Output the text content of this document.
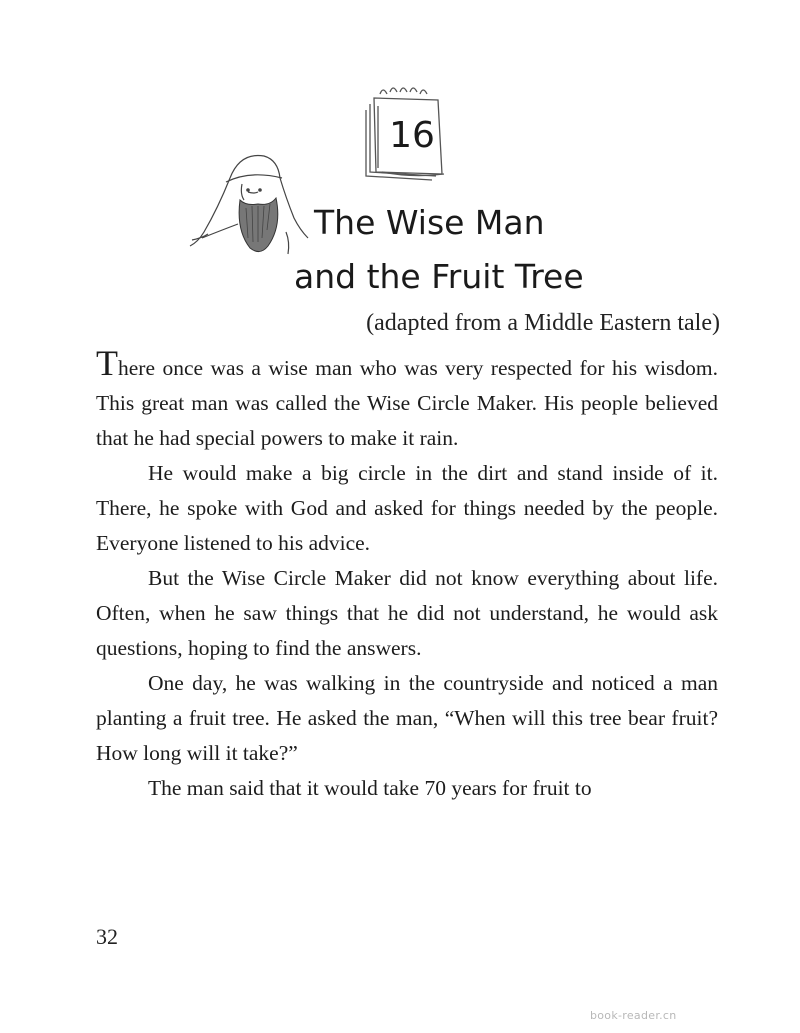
16
The Wise Man
and the Fruit Tree
(adapted from a Middle Eastern tale)

There once was a wise man who was very respected for his wisdom. This great man was called the Wise Circle Maker. His people believed that he had special powers to make it rain.

He would make a big circle in the dirt and stand inside of it. There, he spoke with God and asked for things needed by the people. Everyone listened to his advice.

But the Wise Circle Maker did not know everything about life. Often, when he saw things that he did not understand, he would ask questions, hoping to find the answers.

One day, he was walking in the countryside and noticed a man planting a fruit tree. He asked the man, “When will this tree bear fruit? How long will it take?”

The man said that it would take 70 years for fruit to

32
book-reader.cn
